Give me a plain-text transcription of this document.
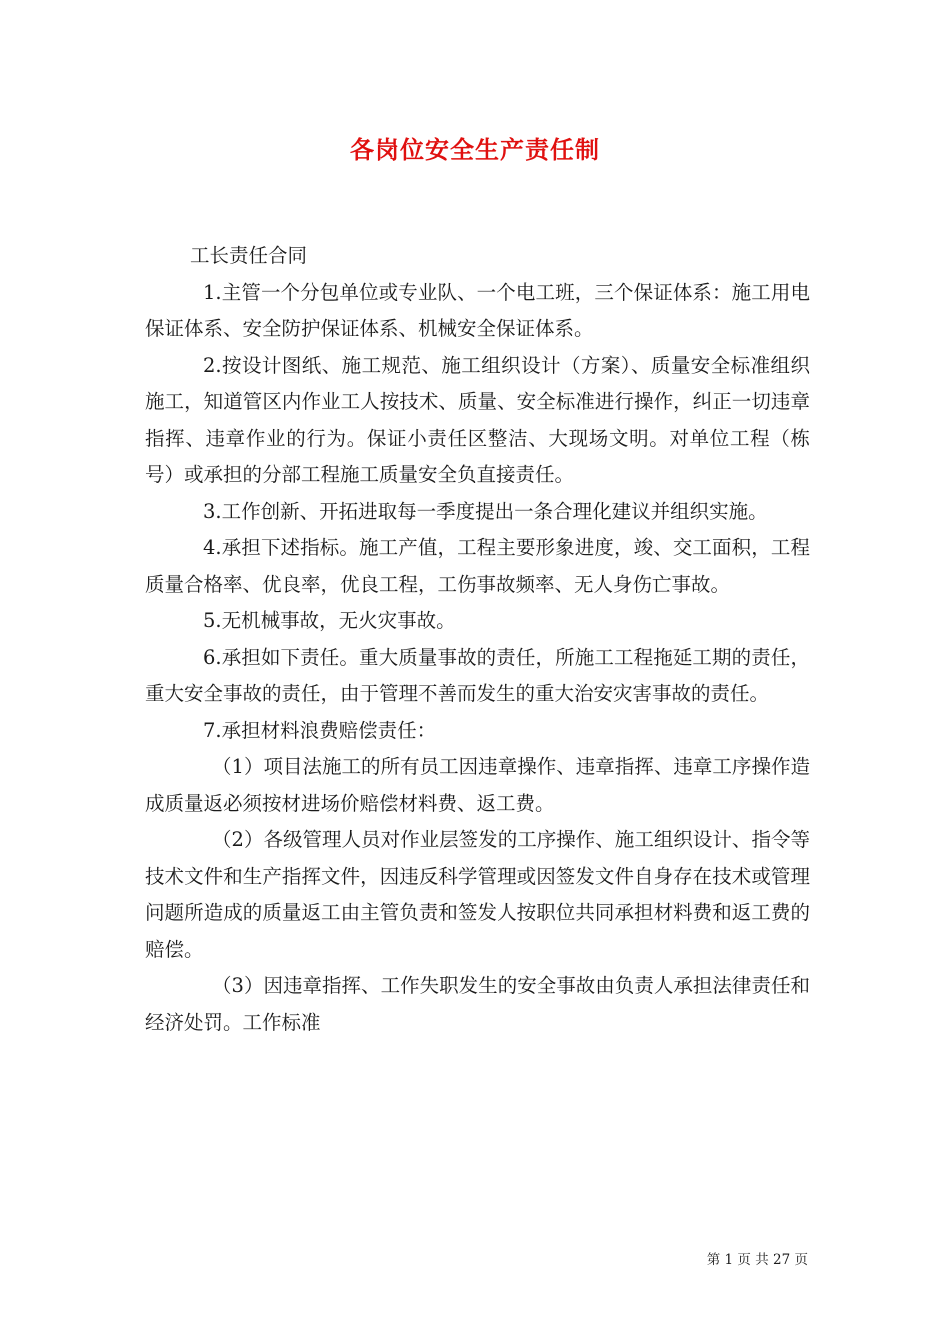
各岗位安全生产责任制

工长责任合同

1.主管一个分包单位或专业队、一个电工班，三个保证体系：施工用电保证体系、安全防护保证体系、机械安全保证体系。

2.按设计图纸、施工规范、施工组织设计（方案）、质量安全标准组织施工，知道管区内作业工人按技术、质量、安全标准进行操作，纠正一切违章指挥、违章作业的行为。保证小责任区整洁、大现场文明。对单位工程（栋号）或承担的分部工程施工质量安全负直接责任。

3.工作创新、开拓进取每一季度提出一条合理化建议并组织实施。

4.承担下述指标。施工产值，工程主要形象进度，竣、交工面积，工程质量合格率、优良率，优良工程，工伤事故频率、无人身伤亡事故。

5.无机械事故，无火灾事故。

6.承担如下责任。重大质量事故的责任，所施工工程拖延工期的责任，重大安全事故的责任，由于管理不善而发生的重大治安灾害事故的责任。

7.承担材料浪费赔偿责任：

（1）项目法施工的所有员工因违章操作、违章指挥、违章工序操作造成质量返必须按材进场价赔偿材料费、返工费。

（2）各级管理人员对作业层签发的工序操作、施工组织设计、指令等技术文件和生产指挥文件，因违反科学管理或因签发文件自身存在技术或管理问题所造成的质量返工由主管负责和签发人按职位共同承担材料费和返工费的赔偿。

（3）因违章指挥、工作失职发生的安全事故由负责人承担法律责任和经济处罚。工作标准

第 1 页 共 27 页
